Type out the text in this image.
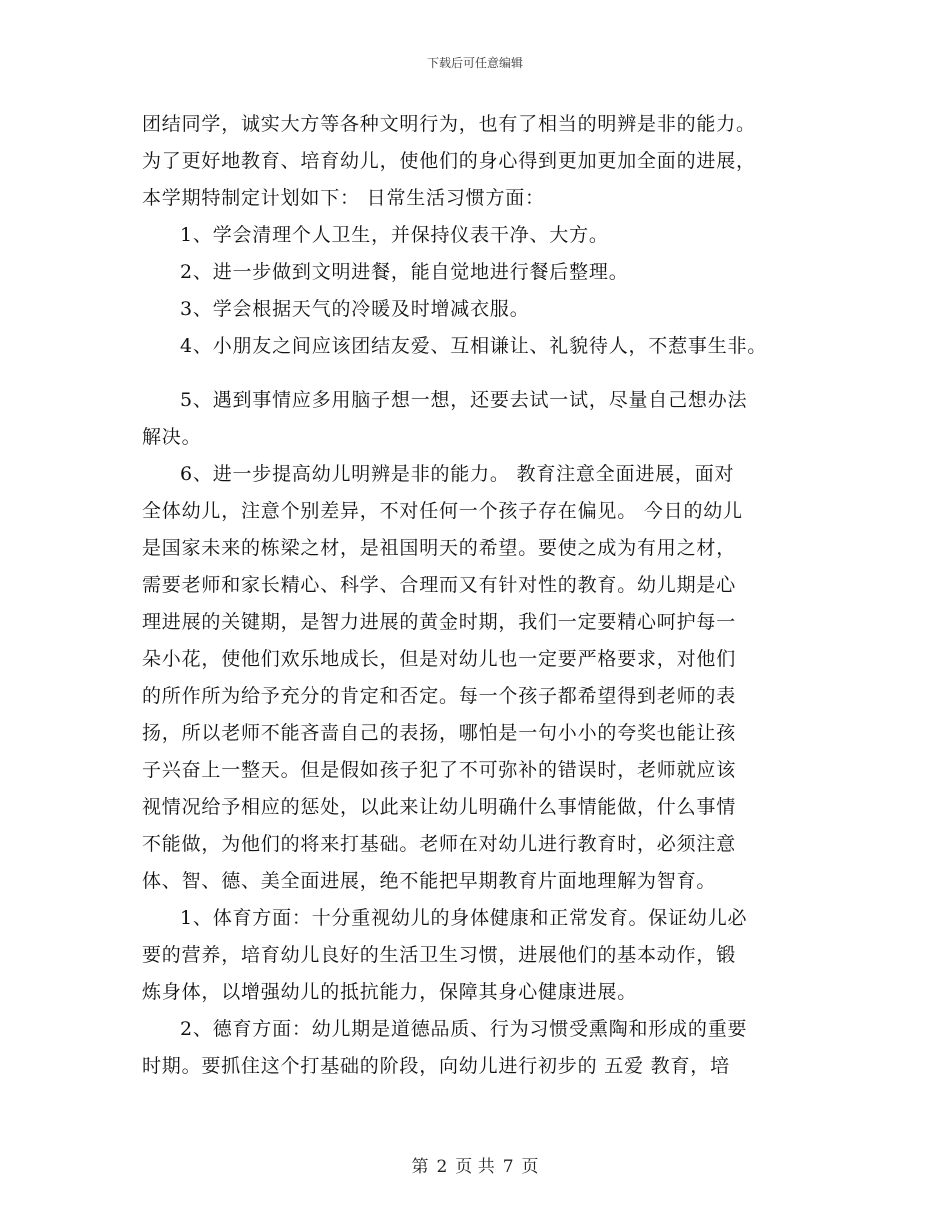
下载后可任意编辑
团结同学，诚实大方等各种文明行为，也有了相当的明辨是非的能力。
为了更好地教育、培育幼儿，使他们的身心得到更加更加全面的进展，
本学期特制定计划如下： 日常生活习惯方面：
1、学会清理个人卫生，并保持仪表干净、大方。
2、进一步做到文明进餐，能自觉地进行餐后整理。
3、学会根据天气的冷暖及时增减衣服。
4、小朋友之间应该团结友爱、互相谦让、礼貌待人，不惹事生非。
5、遇到事情应多用脑子想一想，还要去试一试，尽量自己想办法
解决。
6、进一步提高幼儿明辨是非的能力。 教育注意全面进展，面对
全体幼儿，注意个别差异，不对任何一个孩子存在偏见。 今日的幼儿
是国家未来的栋梁之材，是祖国明天的希望。要使之成为有用之材，
需要老师和家长精心、科学、合理而又有针对性的教育。幼儿期是心
理进展的关键期，是智力进展的黄金时期，我们一定要精心呵护每一
朵小花，使他们欢乐地成长，但是对幼儿也一定要严格要求，对他们
的所作所为给予充分的肯定和否定。每一个孩子都希望得到老师的表
扬，所以老师不能吝啬自己的表扬，哪怕是一句小小的夸奖也能让孩
子兴奋上一整天。但是假如孩子犯了不可弥补的错误时，老师就应该
视情况给予相应的惩处，以此来让幼儿明确什么事情能做，什么事情
不能做，为他们的将来打基础。老师在对幼儿进行教育时，必须注意
体、智、德、美全面进展，绝不能把早期教育片面地理解为智育。
1、体育方面：十分重视幼儿的身体健康和正常发育。保证幼儿必
要的营养，培育幼儿良好的生活卫生习惯，进展他们的基本动作，锻
炼身体，以增强幼儿的抵抗能力，保障其身心健康进展。
2、德育方面：幼儿期是道德品质、行为习惯受熏陶和形成的重要
时期。要抓住这个打基础的阶段，向幼儿进行初步的 五爱 教育，培
第 2 页 共 7 页
